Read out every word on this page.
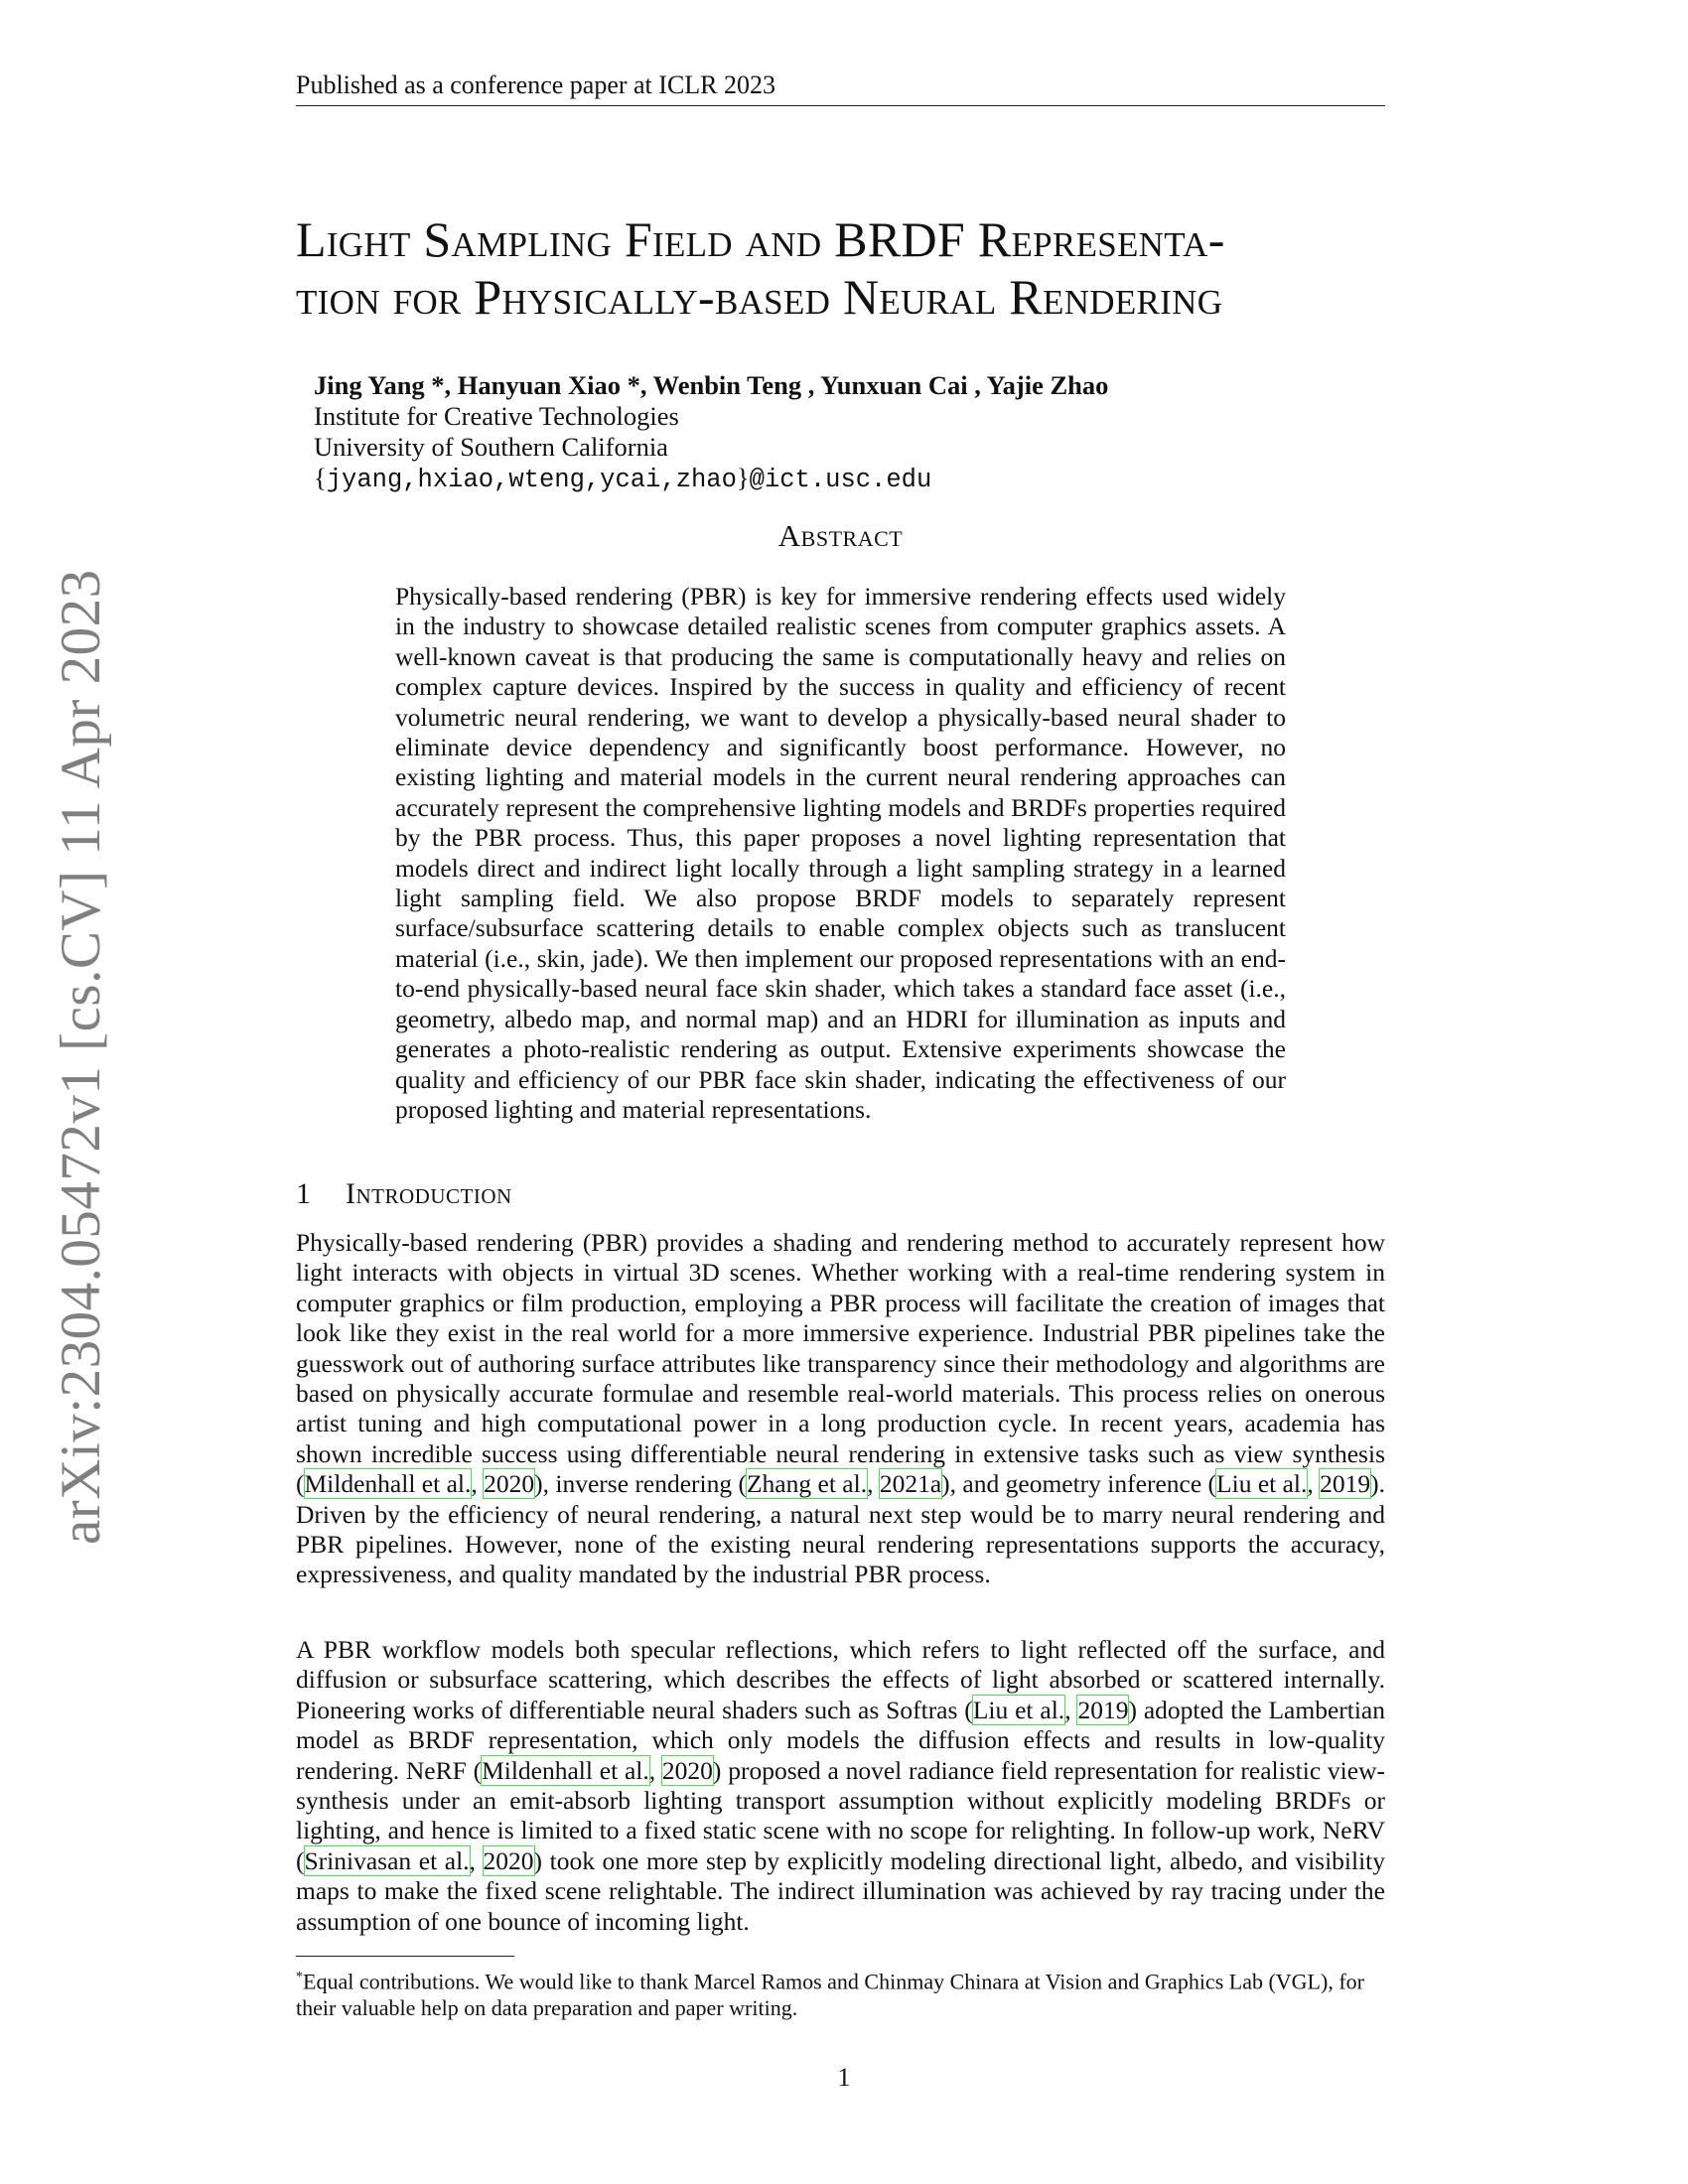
arXiv:2304.05472v1 [cs.CV] 11 Apr 2023
Published as a conference paper at ICLR 2023
Light Sampling Field and BRDF Representa-
tion for Physically-based Neural Rendering
Jing Yang *, Hanyuan Xiao *, Wenbin Teng , Yunxuan Cai , Yajie Zhao
Institute for Creative Technologies
University of Southern California
{jyang,hxiao,wteng,ycai,zhao}@ict.usc.edu
Abstract
Physically-based rendering (PBR) is key for immersive rendering effects used widely in the industry to showcase detailed realistic scenes from computer graphics assets. A well-known caveat is that producing the same is computationally heavy and relies on complex capture devices. Inspired by the success in quality and efficiency of recent volumetric neural rendering, we want to develop a physically-based neural shader to eliminate device dependency and significantly boost performance. However, no existing lighting and material models in the current neural rendering approaches can accurately represent the comprehensive lighting models and BRDFs properties required by the PBR process. Thus, this paper proposes a novel lighting representation that models direct and indirect light locally through a light sampling strategy in a learned light sampling field. We also propose BRDF models to separately represent surface/subsurface scattering details to enable complex objects such as translucent material (i.e., skin, jade). We then implement our proposed representations with an end-to-end physically-based neural face skin shader, which takes a standard face asset (i.e., geometry, albedo map, and normal map) and an HDRI for illumination as inputs and generates a photo-realistic rendering as output. Extensive experiments showcase the quality and efficiency of our PBR face skin shader, indicating the effectiveness of our proposed lighting and material representations.
1 Introduction
Physically-based rendering (PBR) provides a shading and rendering method to accurately represent how light interacts with objects in virtual 3D scenes. Whether working with a real-time rendering system in computer graphics or film production, employing a PBR process will facilitate the creation of images that look like they exist in the real world for a more immersive experience. Industrial PBR pipelines take the guesswork out of authoring surface attributes like transparency since their methodology and algorithms are based on physically accurate formulae and resemble real-world materials. This process relies on onerous artist tuning and high computational power in a long production cycle. In recent years, academia has shown incredible success using differentiable neural rendering in extensive tasks such as view synthesis (Mildenhall et al., 2020), inverse rendering (Zhang et al., 2021a), and geometry inference (Liu et al., 2019). Driven by the efficiency of neural rendering, a natural next step would be to marry neural rendering and PBR pipelines. However, none of the existing neural rendering representations supports the accuracy, expressiveness, and quality mandated by the industrial PBR process.
A PBR workflow models both specular reflections, which refers to light reflected off the surface, and diffusion or subsurface scattering, which describes the effects of light absorbed or scattered internally. Pioneering works of differentiable neural shaders such as Softras (Liu et al., 2019) adopted the Lambertian model as BRDF representation, which only models the diffusion effects and results in low-quality rendering. NeRF (Mildenhall et al., 2020) proposed a novel radiance field representation for realistic view-synthesis under an emit-absorb lighting transport assumption without explicitly modeling BRDFs or lighting, and hence is limited to a fixed static scene with no scope for relighting. In follow-up work, NeRV (Srinivasan et al., 2020) took one more step by explicitly modeling directional light, albedo, and visibility maps to make the fixed scene relightable. The indirect illumination was achieved by ray tracing under the assumption of one bounce of incoming light.
*Equal contributions. We would like to thank Marcel Ramos and Chinmay Chinara at Vision and Graphics Lab (VGL), for their valuable help on data preparation and paper writing.
1
